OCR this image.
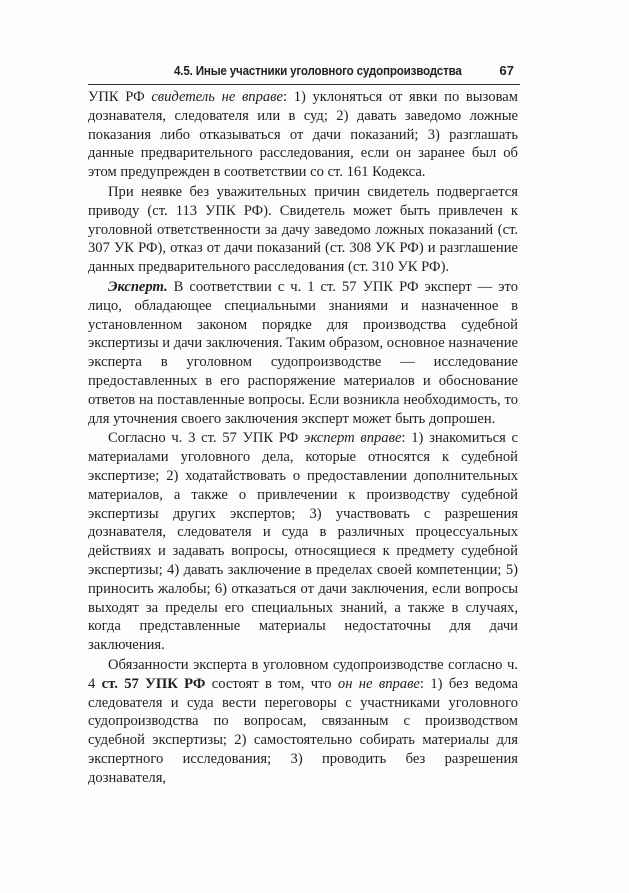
4.5. Иные участники уголовного судопроизводства	67

УПК РФ свидетель не вправе: 1) уклоняться от явки по вызовам дознавателя, следователя или в суд; 2) давать заведомо ложные показания либо отказываться от дачи показаний; 3) разглашать данные предварительного расследования, если он заранее был об этом предупрежден в соответствии со ст. 161 Кодекса.

При неявке без уважительных причин свидетель подвергается приводу (ст. 113 УПК РФ). Свидетель может быть привлечен к уголовной ответственности за дачу заведомо ложных показаний (ст. 307 УК РФ), отказ от дачи показаний (ст. 308 УК РФ) и разглашение данных предварительного расследования (ст. 310 УК РФ).

Эксперт. В соответствии с ч. 1 ст. 57 УПК РФ эксперт — это лицо, обладающее специальными знаниями и назначенное в установленном законом порядке для производства судебной экспертизы и дачи заключения. Таким образом, основное назначение эксперта в уголовном судопроизводстве — исследование предоставленных в его распоряжение материалов и обоснование ответов на поставленные вопросы. Если возникла необходимость, то для уточнения своего заключения эксперт может быть допрошен.

Согласно ч. 3 ст. 57 УПК РФ эксперт вправе: 1) знакомиться с материалами уголовного дела, которые относятся к судебной экспертизе; 2) ходатайствовать о предоставлении дополнительных материалов, а также о привлечении к производству судебной экспертизы других экспертов; 3) участвовать с разрешения дознавателя, следователя и суда в различных процессуальных действиях и задавать вопросы, относящиеся к предмету судебной экспертизы; 4) давать заключение в пределах своей компетенции; 5) приносить жалобы; 6) отказаться от дачи заключения, если вопросы выходят за пределы его специальных знаний, а также в случаях, когда представленные материалы недостаточны для дачи заключения.

Обязанности эксперта в уголовном судопроизводстве согласно ч. 4 ст. 57 УПК РФ состоят в том, что он не вправе: 1) без ведома следователя и суда вести переговоры с участниками уголовного судопроизводства по вопросам, связанным с производством судебной экспертизы; 2) самостоятельно собирать материалы для экспертного исследования; 3) проводить без разрешения дознавателя,
